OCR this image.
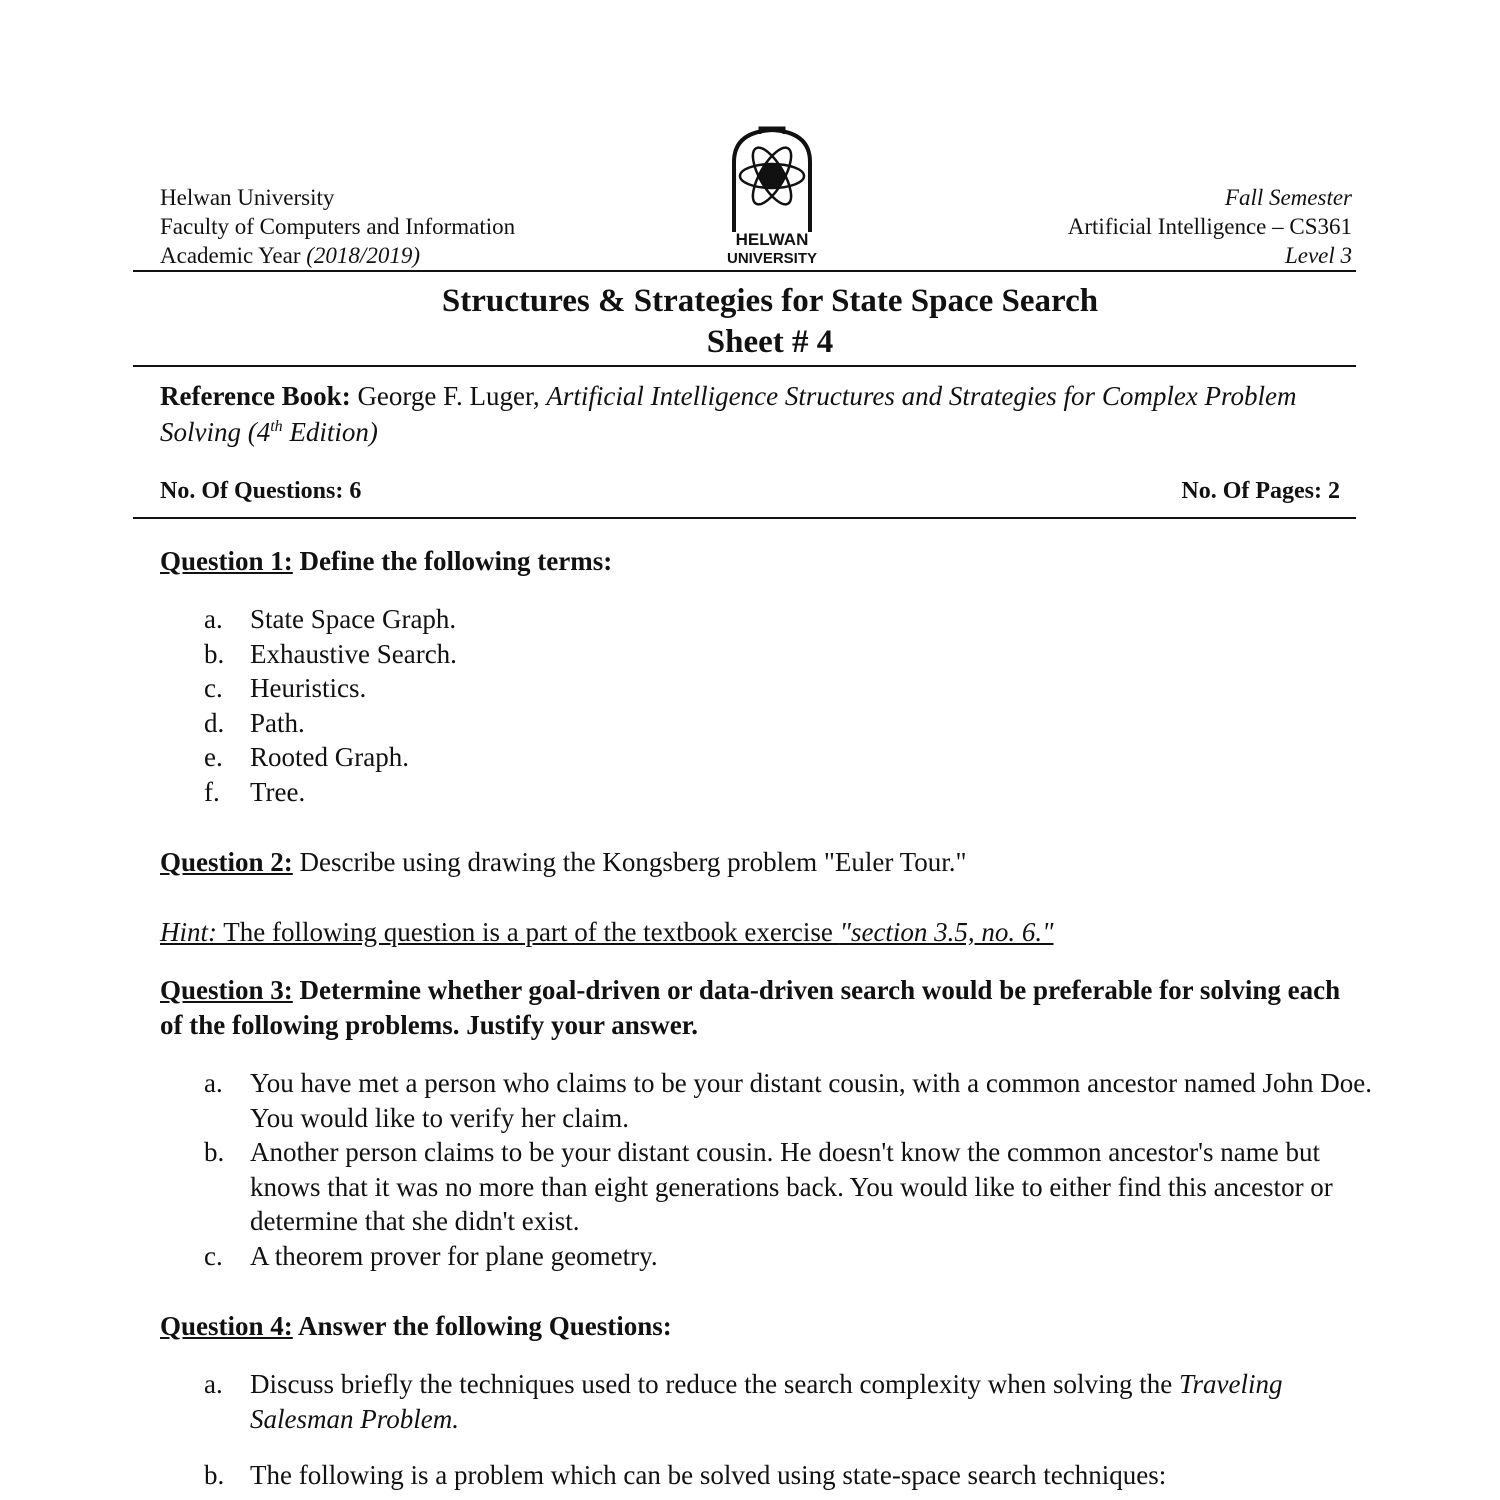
Helwan University
Faculty of Computers and Information
Academic Year (2018/2019)
HELWAN
UNIVERSITY
Fall Semester
Artificial Intelligence – CS361
Level 3
Structures & Strategies for State Space Search
Sheet # 4
Reference Book: George F. Luger, Artificial Intelligence Structures and Strategies for Complex Problem Solving (4th Edition)
No. Of Questions: 6	No. Of Pages: 2
Question 1: Define the following terms:
a. State Space Graph.
b. Exhaustive Search.
c. Heuristics.
d. Path.
e. Rooted Graph.
f. Tree.
Question 2: Describe using drawing the Kongsberg problem "Euler Tour."
Hint: The following question is a part of the textbook exercise "section 3.5, no. 6."
Question 3: Determine whether goal-driven or data-driven search would be preferable for solving each of the following problems. Justify your answer.
a. You have met a person who claims to be your distant cousin, with a common ancestor named John Doe. You would like to verify her claim.
b. Another person claims to be your distant cousin. He doesn't know the common ancestor's name but knows that it was no more than eight generations back. You would like to either find this ancestor or determine that she didn't exist.
c. A theorem prover for plane geometry.
Question 4: Answer the following Questions:
a. Discuss briefly the techniques used to reduce the search complexity when solving the Traveling Salesman Problem.
b. The following is a problem which can be solved using state-space search techniques:
